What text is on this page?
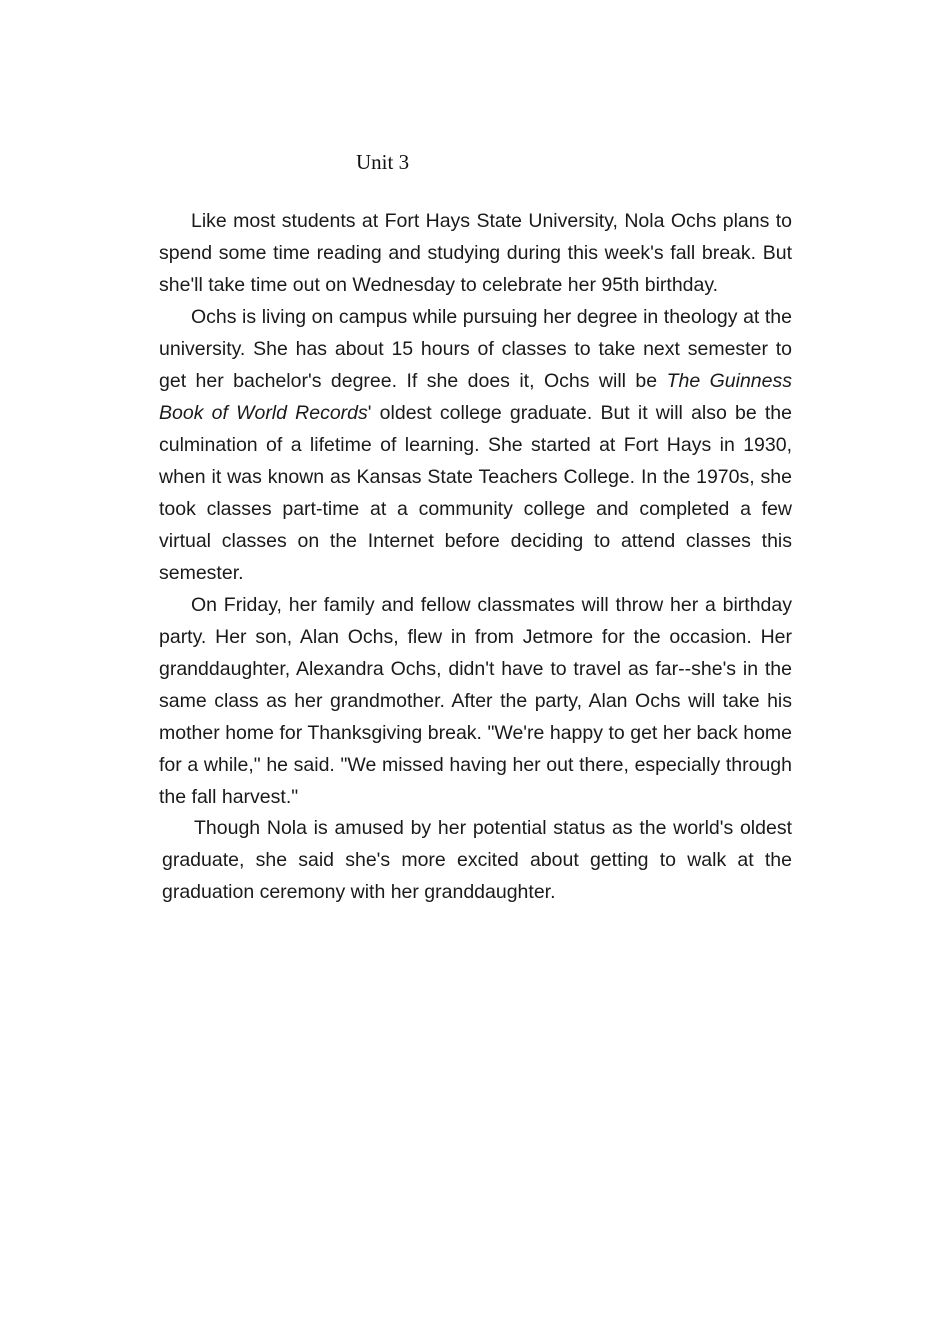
Unit 3

Like most students at Fort Hays State University, Nola Ochs plans to spend some time reading and studying during this week's fall break. But she'll take time out on Wednesday to celebrate her 95th birthday.

Ochs is living on campus while pursuing her degree in theology at the university. She has about 15 hours of classes to take next semester to get her bachelor's degree. If she does it, Ochs will be The Guinness Book of World Records' oldest college graduate. But it will also be the culmination of a lifetime of learning. She started at Fort Hays in 1930, when it was known as Kansas State Teachers College. In the 1970s, she took classes part-time at a community college and completed a few virtual classes on the Internet before deciding to attend classes this semester.

On Friday, her family and fellow classmates will throw her a birthday party. Her son, Alan Ochs, flew in from Jetmore for the occasion. Her granddaughter, Alexandra Ochs, didn't have to travel as far--she's in the same class as her grandmother. After the party, Alan Ochs will take his mother home for Thanksgiving break. "We're happy to get her back home for a while," he said. "We missed having her out there, especially through the fall harvest."

Though Nola is amused by her potential status as the world's oldest graduate, she said she's more excited about getting to walk at the graduation ceremony with her granddaughter.
